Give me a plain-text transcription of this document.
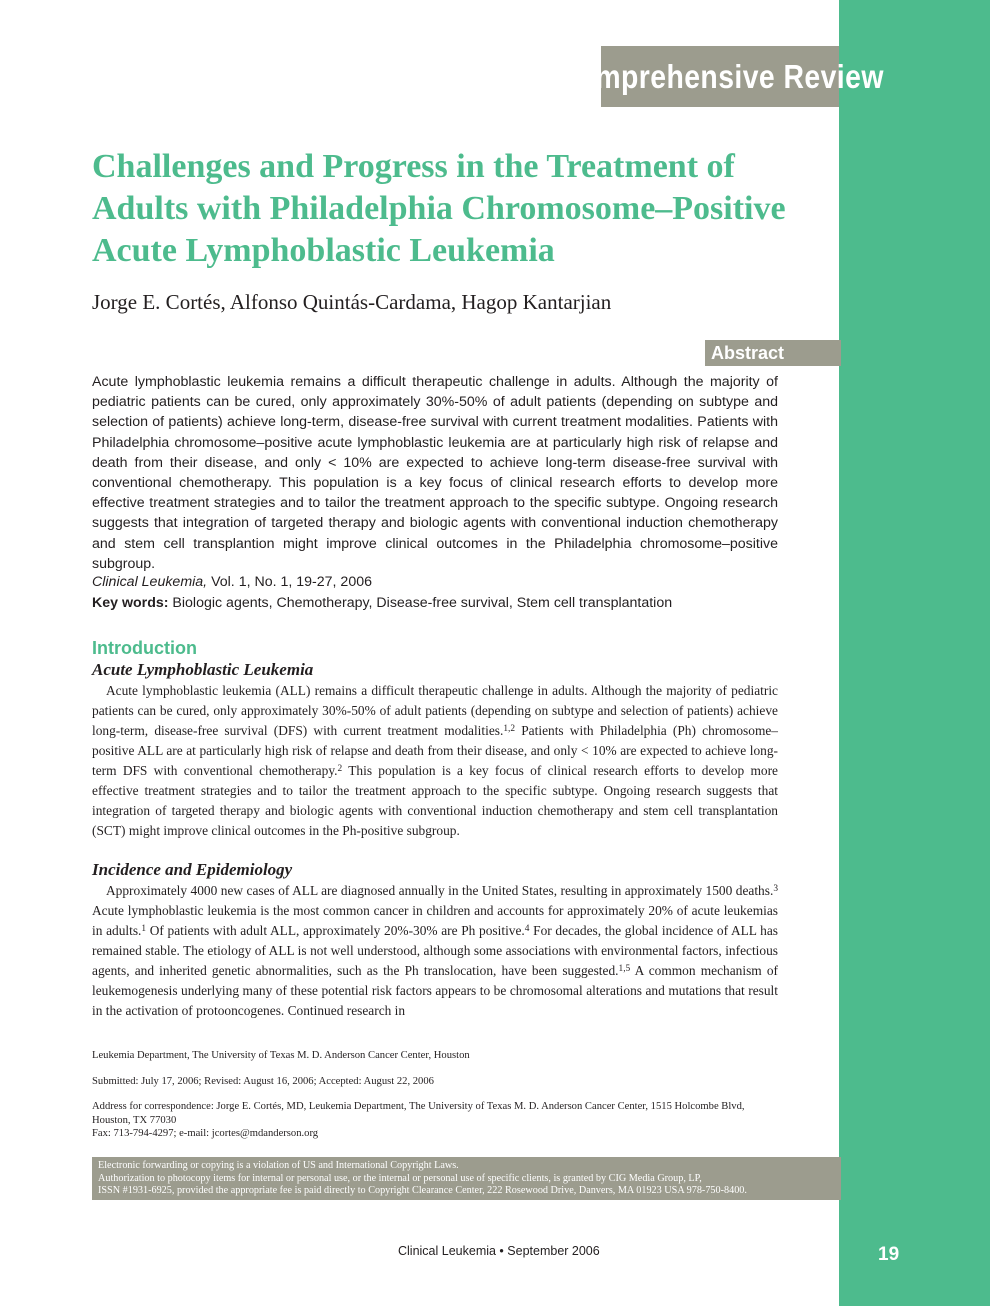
Comprehensive Review
Challenges and Progress in the Treatment of Adults with Philadelphia Chromosome–Positive Acute Lymphoblastic Leukemia
Jorge E. Cortés, Alfonso Quintás-Cardama, Hagop Kantarjian
Abstract

Acute lymphoblastic leukemia remains a difficult therapeutic challenge in adults. Although the majority of pediatric patients can be cured, only approximately 30%-50% of adult patients (depending on subtype and selection of patients) achieve long-term, disease-free survival with current treatment modalities. Patients with Philadelphia chromosome–positive acute lymphoblastic leukemia are at particularly high risk of relapse and death from their disease, and only < 10% are expected to achieve long-term disease-free survival with conventional chemotherapy. This population is a key focus of clinical research efforts to develop more effective treatment strategies and to tailor the treatment approach to the specific subtype. Ongoing research suggests that integration of targeted therapy and biologic agents with conventional induction chemotherapy and stem cell transplantion might improve clinical outcomes in the Philadelphia chromosome–positive subgroup.

Clinical Leukemia, Vol. 1, No. 1, 19-27, 2006
Key words: Biologic agents, Chemotherapy, Disease-free survival, Stem cell transplantation
Introduction
Acute Lymphoblastic Leukemia

Acute lymphoblastic leukemia (ALL) remains a difficult therapeutic challenge in adults. Although the majority of pediatric patients can be cured, only approximately 30%-50% of adult patients (depending on subtype and selection of patients) achieve long-term, disease-free survival (DFS) with current treatment modalities.$^{1,2}$ Patients with Philadelphia (Ph) chromosome–positive ALL are at particularly high risk of relapse and death from their disease, and only < 10% are expected to achieve long-term DFS with conventional chemotherapy.$^2$ This population is a key focus of clinical research efforts to develop more effective treatment strategies and to tailor the treatment approach to the specific subtype. Ongoing research suggests that integration of targeted therapy and biologic agents with conventional induction chemotherapy and stem cell transplantation (SCT) might improve clinical outcomes in the Ph-positive subgroup.

Incidence and Epidemiology

Approximately 4000 new cases of ALL are diagnosed annually in the United States, resulting in approximately 1500 deaths.$^3$ Acute lymphoblastic leukemia is the most common cancer in children and accounts for approximately 20% of acute leukemias in adults.$^1$ Of patients with adult ALL, approximately 20%-30% are Ph positive.$^4$ For decades, the global incidence of ALL has remained stable. The etiology of ALL is not well understood, although some associations with environmental factors, infectious agents, and inherited genetic abnormalities, such as the Ph translocation, have been suggested.$^{1,5}$ A common mechanism of leukemogenesis underlying many of these potential risk factors appears to be chromosomal alterations and mutations that result in the activation of protooncogenes. Continued research in

Leukemia Department, The University of Texas M. D. Anderson Cancer Center, Houston

Submitted: July 17, 2006; Revised: August 16, 2006; Accepted: August 22, 2006

Address for correspondence: Jorge E. Cortés, MD, Leukemia Department, The University of Texas M. D. Anderson Cancer Center, 1515 Holcombe Blvd, Houston, TX 77030

Fax: 713-794-4297; e-mail: jcortes@mdanderson.org

Electronic forwarding or copying is a violation of US and International Copyright Laws.
Authorization to photocopy items for internal or personal use, or the internal or personal use of specific clients, is granted by CIG Media Group, LP,
ISSN #1931-6925, provided the appropriate fee is paid directly to Copyright Clearance Center, 222 Rosewood Drive, Danvers, MA 01923 USA 978-750-8400.
Clinical Leukemia • September 2006	19
